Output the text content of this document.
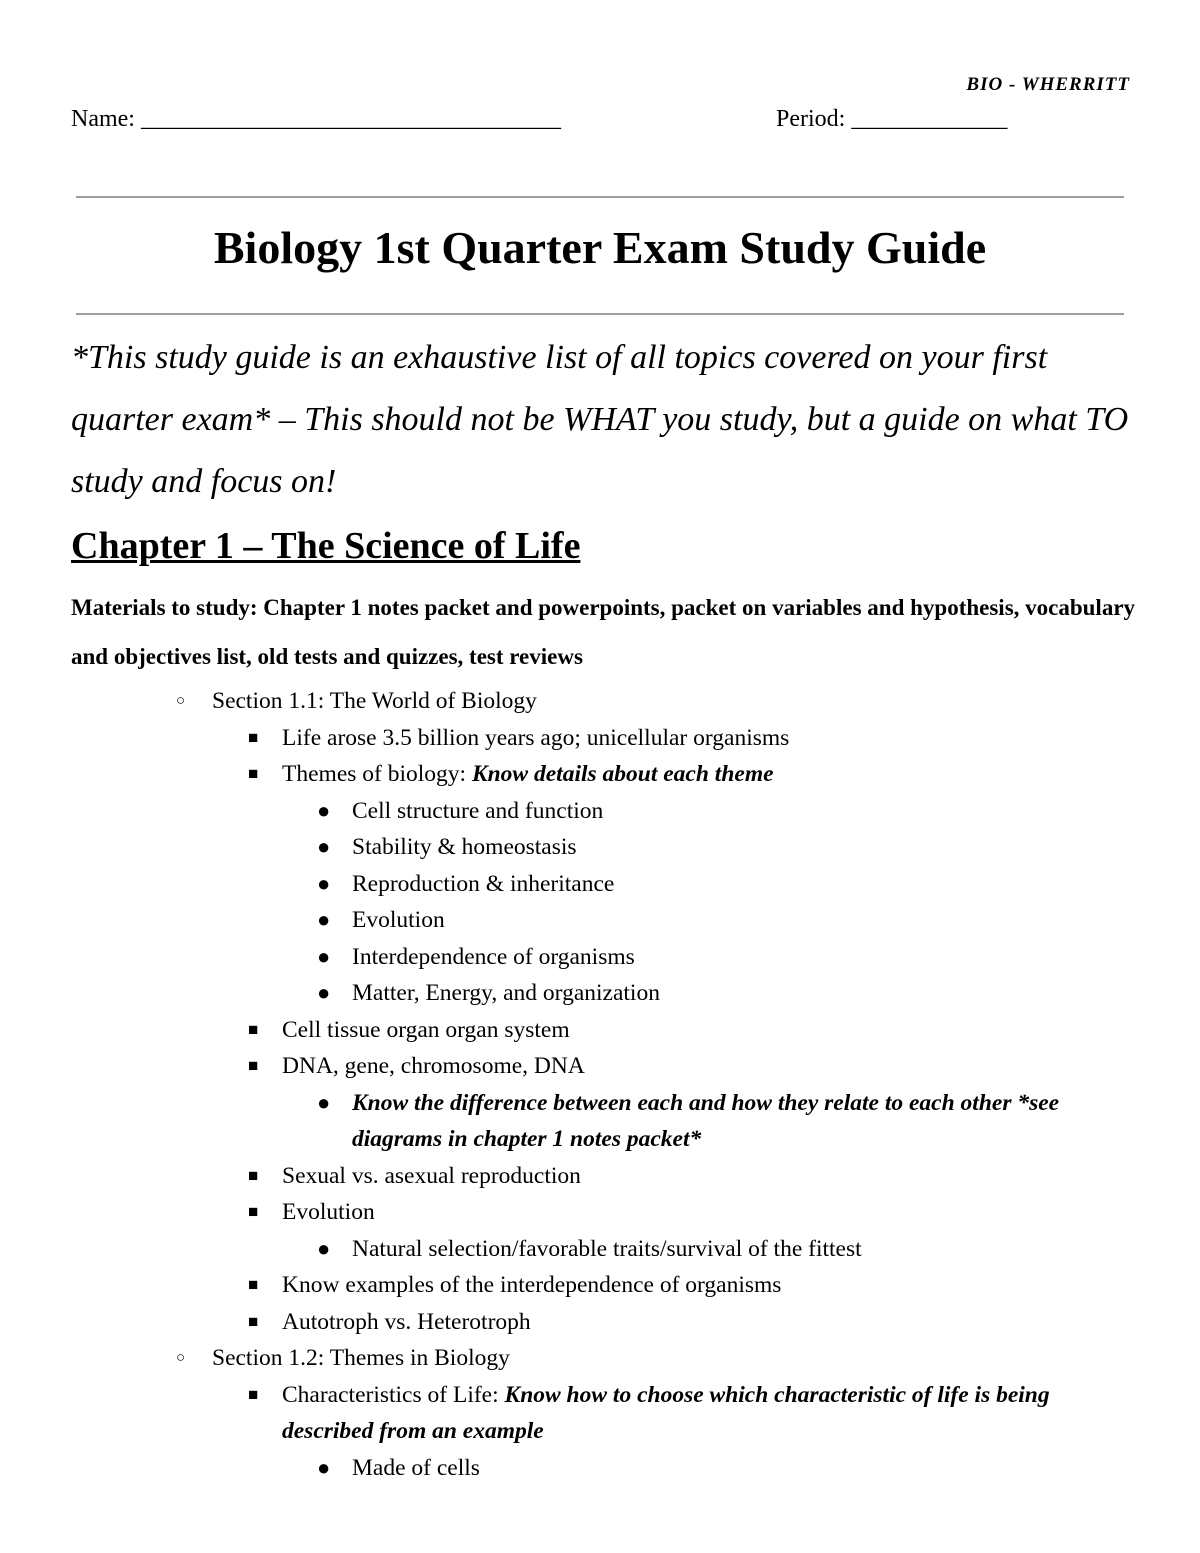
BIO - WHERRITT
Name: ___________________________________	Period: _____________
Biology 1st Quarter Exam Study Guide
*This study guide is an exhaustive list of all topics covered on your first quarter exam* – This should not be WHAT you study, but a guide on what TO study and focus on!
Chapter 1 – The Science of Life
Materials to study: Chapter 1 notes packet and powerpoints, packet on variables and hypothesis, vocabulary and objectives list, old tests and quizzes, test reviews
○ Section 1.1: The World of Biology
■ Life arose 3.5 billion years ago; unicellular organisms
■ Themes of biology: Know details about each theme
● Cell structure and function
● Stability & homeostasis
● Reproduction & inheritance
● Evolution
● Interdependence of organisms
● Matter, Energy, and organization
■ Cell tissue organ organ system
■ DNA, gene, chromosome, DNA
● Know the difference between each and how they relate to each other *see diagrams in chapter 1 notes packet*
■ Sexual vs. asexual reproduction
■ Evolution
● Natural selection/favorable traits/survival of the fittest
■ Know examples of the interdependence of organisms
■ Autotroph vs. Heterotroph
○ Section 1.2: Themes in Biology
■ Characteristics of Life: Know how to choose which characteristic of life is being described from an example
● Made of cells
